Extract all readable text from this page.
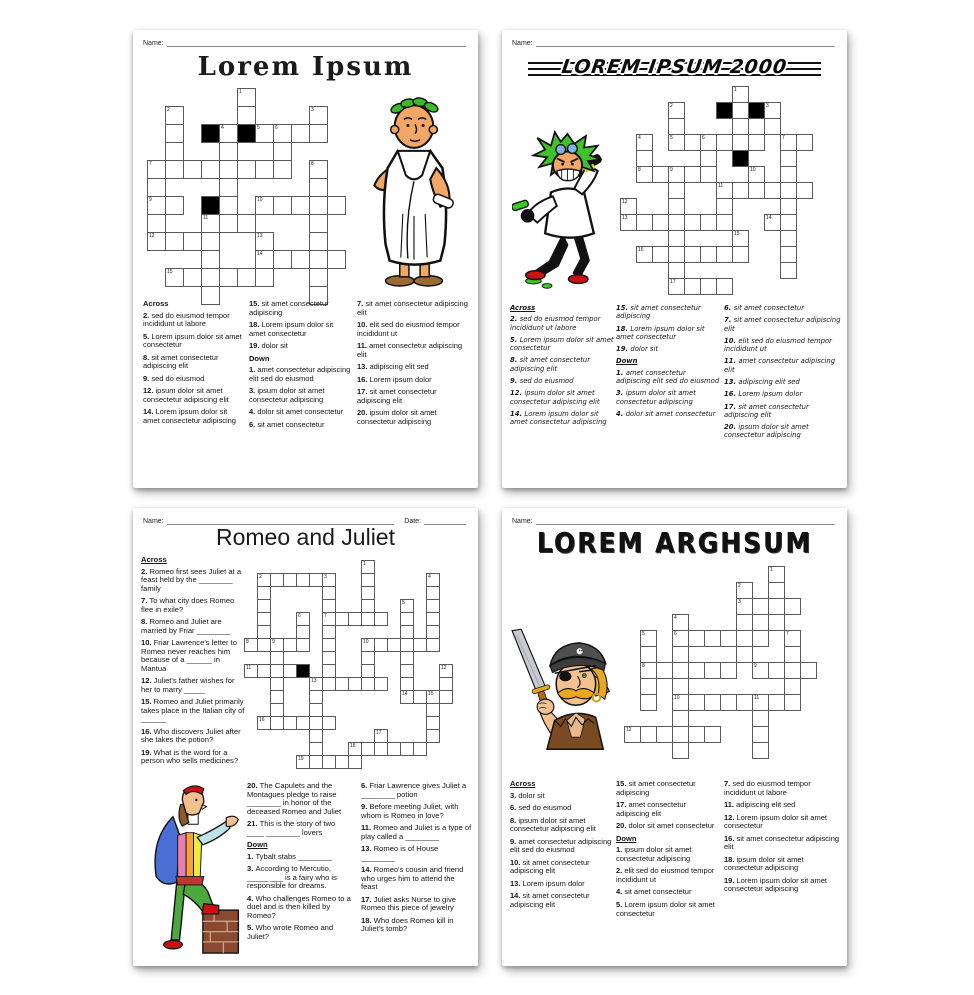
Name:
Lorem Ipsum
1
2	3
4	5	6
7	8
9	10
11
12	13
14
15
Across
2. sed do eiusmod tempor incididunt ut labore
5. Lorem ipsum dolor sit amet consectetur
8. sit amet consectetur adipiscing elit
9. sed do eiusmod
12. ipsum dolor sit amet consectetur adipiscing elit
14. Lorem ipsum dolor sit amet consectetur adipiscing
15. sit amet consectetur adipiscing
18. Lorem ipsum dolor sit amet consectetur
19. dolor sit
Down
1. amet consectetur adipiscing elit sed do eiusmod
3. ipsum dolor sit amet consectetur adipiscing
4. dolor sit amet consectetur
6. sit amet consectetur
7. sit amet consectetur adipiscing elit
10. elit sed do eiusmod tempor incididunt ut
11. amet consectetur adipiscing elit
13. adipiscing elit sed
16. Lorem ipsum dolor
17. sit amet consectetur adipiscing elit
20. ipsum dolor sit amet consectetur adipiscing
Name:
LOREM IPSUM 2000
1
2	3
4	5	6	7
8	9	10
11
12
13	14
15
16
17
Across
2. sed do eiusmod tempor incididunt ut labore
5. Lorem ipsum dolor sit amet consectetur
8. sit amet consectetur adipiscing elit
9. sed do eiusmod
12. ipsum dolor sit amet consectetur adipiscing elit
14. Lorem ipsum dolor sit amet consectetur adipiscing
15. sit amet consectetur adipiscing
18. Lorem ipsum dolor sit amet consectetur
19. dolor sit
Down
1. amet consectetur adipiscing elit sed do eiusmod
3. ipsum dolor sit amet consectetur adipiscing
4. dolor sit amet consectetur
6. sit amet consectetur
7. sit amet consectetur adipiscing elit
10. elit sed do eiusmod tempor incididunt ut
11. amet consectetur adipiscing elit
13. adipiscing elit sed
16. Lorem ipsum dolor
17. sit amet consectetur adipiscing elit
20. ipsum dolor sit amet consectetur adipiscing
Name:	Date:
Romeo and Juliet
Across
2. Romeo first sees Juliet at a feast held by the ________ family
7. To what city does Romeo flee in exile?
8. Romeo and Juliet are married by Friar ________
10. Friar Lawrence's letter to Romeo never reaches him because of a ______ in Mantua
12. Juliet's father wishes for her to marry _____
15. Romeo and Juliet primarily takes place in the Italian city of ______
16. Who discovers Juliet after she takes the potion?
19. What is the word for a person who sells medicines?
1
2	3	4
5
6	7
8	9	10
11	12
13
14	15
16
17
18
19
20. The Capulets and the Montagues pledge to raise ________ in honor of the deceased Romeo and Juliet
21. This is the story of two ____ ________ lovers
Down
1. Tybalt stabs ________
3. According to Mercutio, _____ ___ is a fairy who is responsible for dreams.
4. Who challenges Romeo to a duel and is then killed by Romeo?
5. Who wrote Romeo and Juliet?
6. Friar Lawrence gives Juliet a ________ potion
9. Before meeting Juliet, with whom is Romeo in love?
11. Romeo and Juliet is a type of play called a ________
13. Romeo is of House ________
14. Romeo's cousin and friend who urges him to attend the feast
17. Juliet asks Nurse to give Romeo this piece of jewelry
18. Who does Romeo kill in Juliet's tomb?
Name:
LOREM ARGHSUM
1
2
3
4
5	6	7
8	9
10	11
12
Across
3. dolor sit
6. sed do eiusmod
8. ipsum dolor sit amet consectetur adipiscing elit
9. amet consectetur adipiscing elit sed do eiusmod
10. sit amet consectetur adipiscing elit
13. Lorem ipsum dolor
14. sit amet consectetur adipiscing elit
15. sit amet consectetur adipiscing
17. amet consectetur adipiscing elit
20. dolor sit amet consectetur
Down
1. ipsum dolor sit amet consectetur adipiscing
2. elit sed do eiusmod tempor incididunt ut
4. sit amet consectetur
5. Lorem ipsum dolor sit amet consectetur
7. sed do eiusmod tempor incididunt ut labore
11. adipiscing elit sed
12. Lorem ipsum dolor sit amet consectetur
16. sit amet consectetur adipiscing elit
18. ipsum dolor sit amet consectetur adipiscing
19. Lorem ipsum dolor sit amet consectetur adipiscing
